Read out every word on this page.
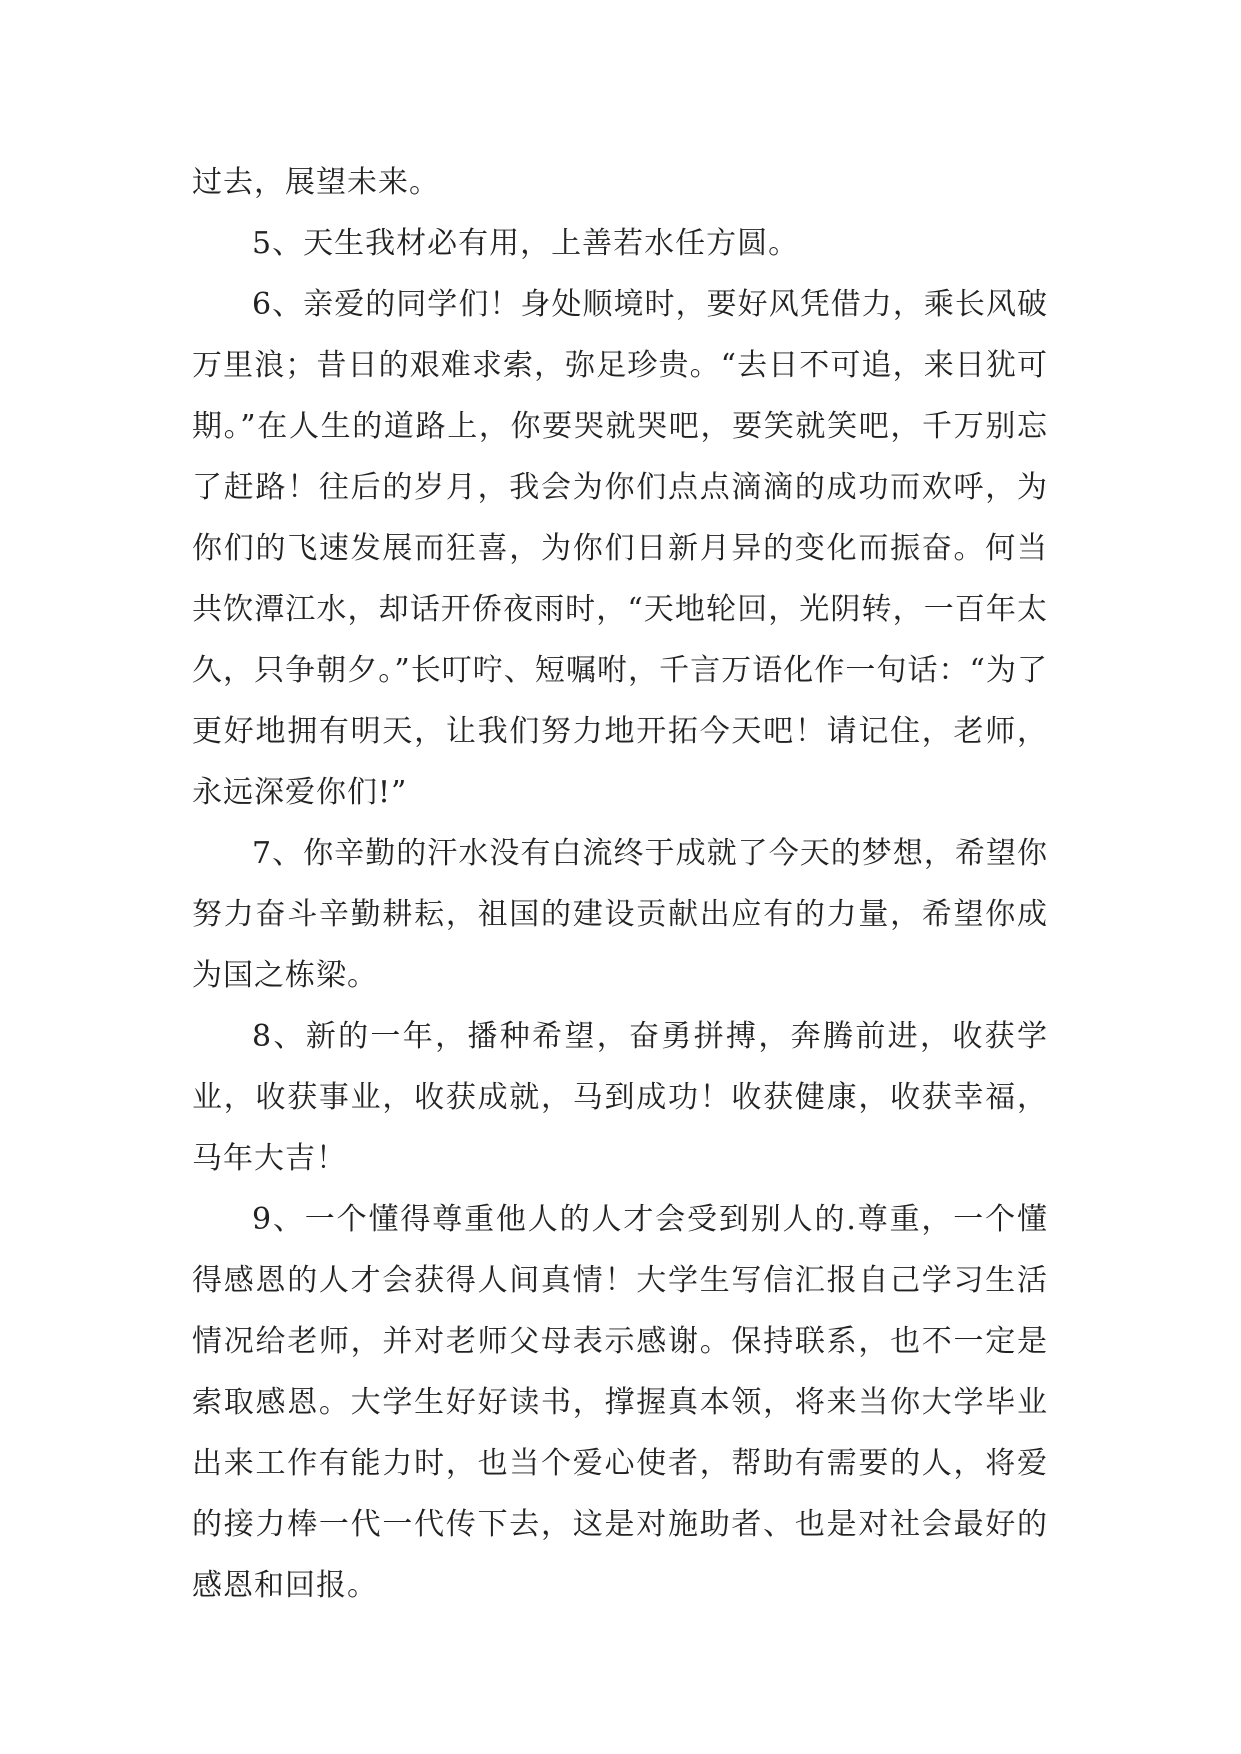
过去，展望未来。

5、天生我材必有用，上善若水任方圆。

6、亲爱的同学们！身处顺境时，要好风凭借力，乘长风破万里浪；昔日的艰难求索，弥足珍贵。“去日不可追，来日犹可期。”在人生的道路上，你要哭就哭吧，要笑就笑吧，千万别忘了赶路！往后的岁月，我会为你们点点滴滴的成功而欢呼，为你们的飞速发展而狂喜，为你们日新月异的变化而振奋。何当共饮潭江水，却话开侨夜雨时，“天地轮回，光阴转，一百年太久，只争朝夕。”长叮咛、短嘱咐，千言万语化作一句话：“为了更好地拥有明天，让我们努力地开拓今天吧！请记住，老师，永远深爱你们!”

7、你辛勤的汗水没有白流终于成就了今天的梦想，希望你努力奋斗辛勤耕耘，祖国的建设贡献出应有的力量，希望你成为国之栋梁。

8、新的一年，播种希望，奋勇拼搏，奔腾前进，收获学业，收获事业，收获成就，马到成功！收获健康，收获幸福，马年大吉！

9、一个懂得尊重他人的人才会受到别人的.尊重，一个懂得感恩的人才会获得人间真情！大学生写信汇报自己学习生活情况给老师，并对老师父母表示感谢。保持联系，也不一定是索取感恩。大学生好好读书，撑握真本领，将来当你大学毕业出来工作有能力时，也当个爱心使者，帮助有需要的人，将爱的接力棒一代一代传下去，这是对施助者、也是对社会最好的感恩和回报。
